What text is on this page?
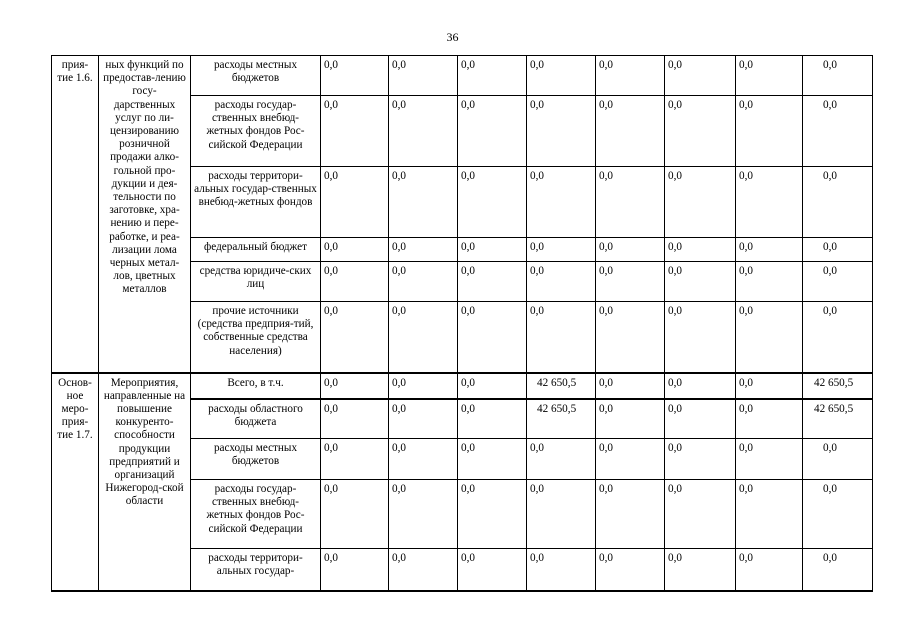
36
прия-
тие 1.6.	ных функций по предостав-лению госу-дарственных услуг по ли-цензированию розничной продажи алко-гольной про-дукции и дея-тельности по заготовке, хра-нению и пере-работке, и реа-лизации лома черных метал-лов, цветных металлов	расходы местных бюджетов	0,0	0,0	0,0	0,0	0,0	0,0	0,0	0,0
		расходы государ-ственных внебюд-жетных фондов Рос-сийской Федерации	0,0	0,0	0,0	0,0	0,0	0,0	0,0	0,0
		расходы территори-альных государ-ственных внебюд-жетных фондов	0,0	0,0	0,0	0,0	0,0	0,0	0,0	0,0
		федеральный бюджет	0,0	0,0	0,0	0,0	0,0	0,0	0,0	0,0
		средства юридиче-ских лиц	0,0	0,0	0,0	0,0	0,0	0,0	0,0	0,0
		прочие источники (средства предприя-тий, собственные средства населения)	0,0	0,0	0,0	0,0	0,0	0,0	0,0	0,0
Основ-
ное
меро-
прия-
тие 1.7.	Мероприятия, направленные на повышение конкуренто-способности продукции предприятий и организаций Нижегород-ской области	Всего, в т.ч.	0,0	0,0	0,0	42 650,5	0,0	0,0	0,0	42 650,5
		расходы областного бюджета	0,0	0,0	0,0	42 650,5	0,0	0,0	0,0	42 650,5
		расходы местных бюджетов	0,0	0,0	0,0	0,0	0,0	0,0	0,0	0,0
		расходы государ-ственных внебюд-жетных фондов Рос-сийской Федерации	0,0	0,0	0,0	0,0	0,0	0,0	0,0	0,0
		расходы территори-альных государ-	0,0	0,0	0,0	0,0	0,0	0,0	0,0	0,0
